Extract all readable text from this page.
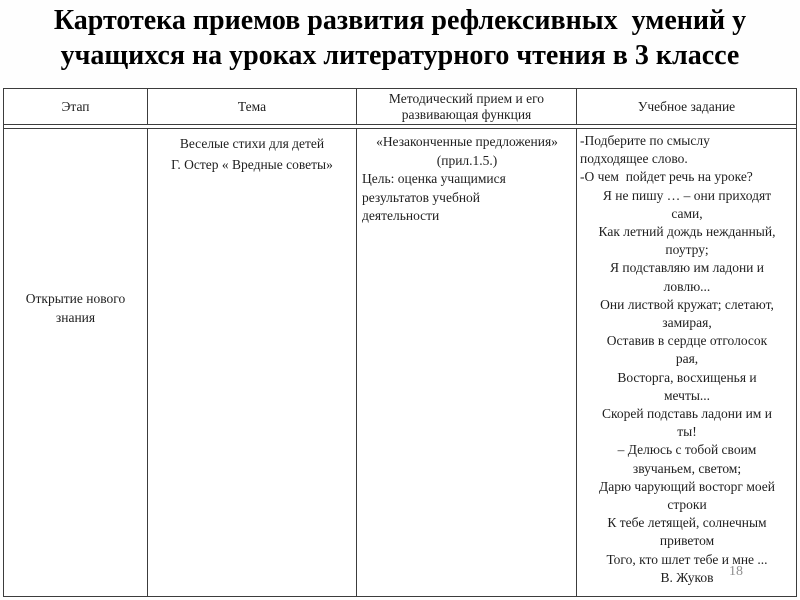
Картотека приемов развития рефлексивных  умений у
учащихся на уроках литературного чтения в 3 классе
Этап	Тема
Методический прием и его развивающая функция
Учебное задание
Открытие нового
знания
Веселые стихи для детей
Г. Остер « Вредные советы»
«Незаконченные предложения»
(прил.1.5.)
Цель: оценка учащимися
результатов учебной
деятельности
-Подберите по смыслу
подходящее слово.
-О чем  пойдет речь на уроке?
Я не пишу … – они приходят
сами,
Как летний дождь нежданный,
поутру;
Я подставляю им ладони и
ловлю...
Они листвой кружат; слетают,
замирая,
Оставив в сердце отголосок
рая,
Восторга, восхищенья и
мечты...
Скорей подставь ладони им и
ты!
– Делюсь с тобой своим
звучаньем, светом;
Дарю чарующий восторг моей
строки
К тебе летящей, солнечным
приветом
Того, кто шлет тебе и мне ...
В. Жуков	18
